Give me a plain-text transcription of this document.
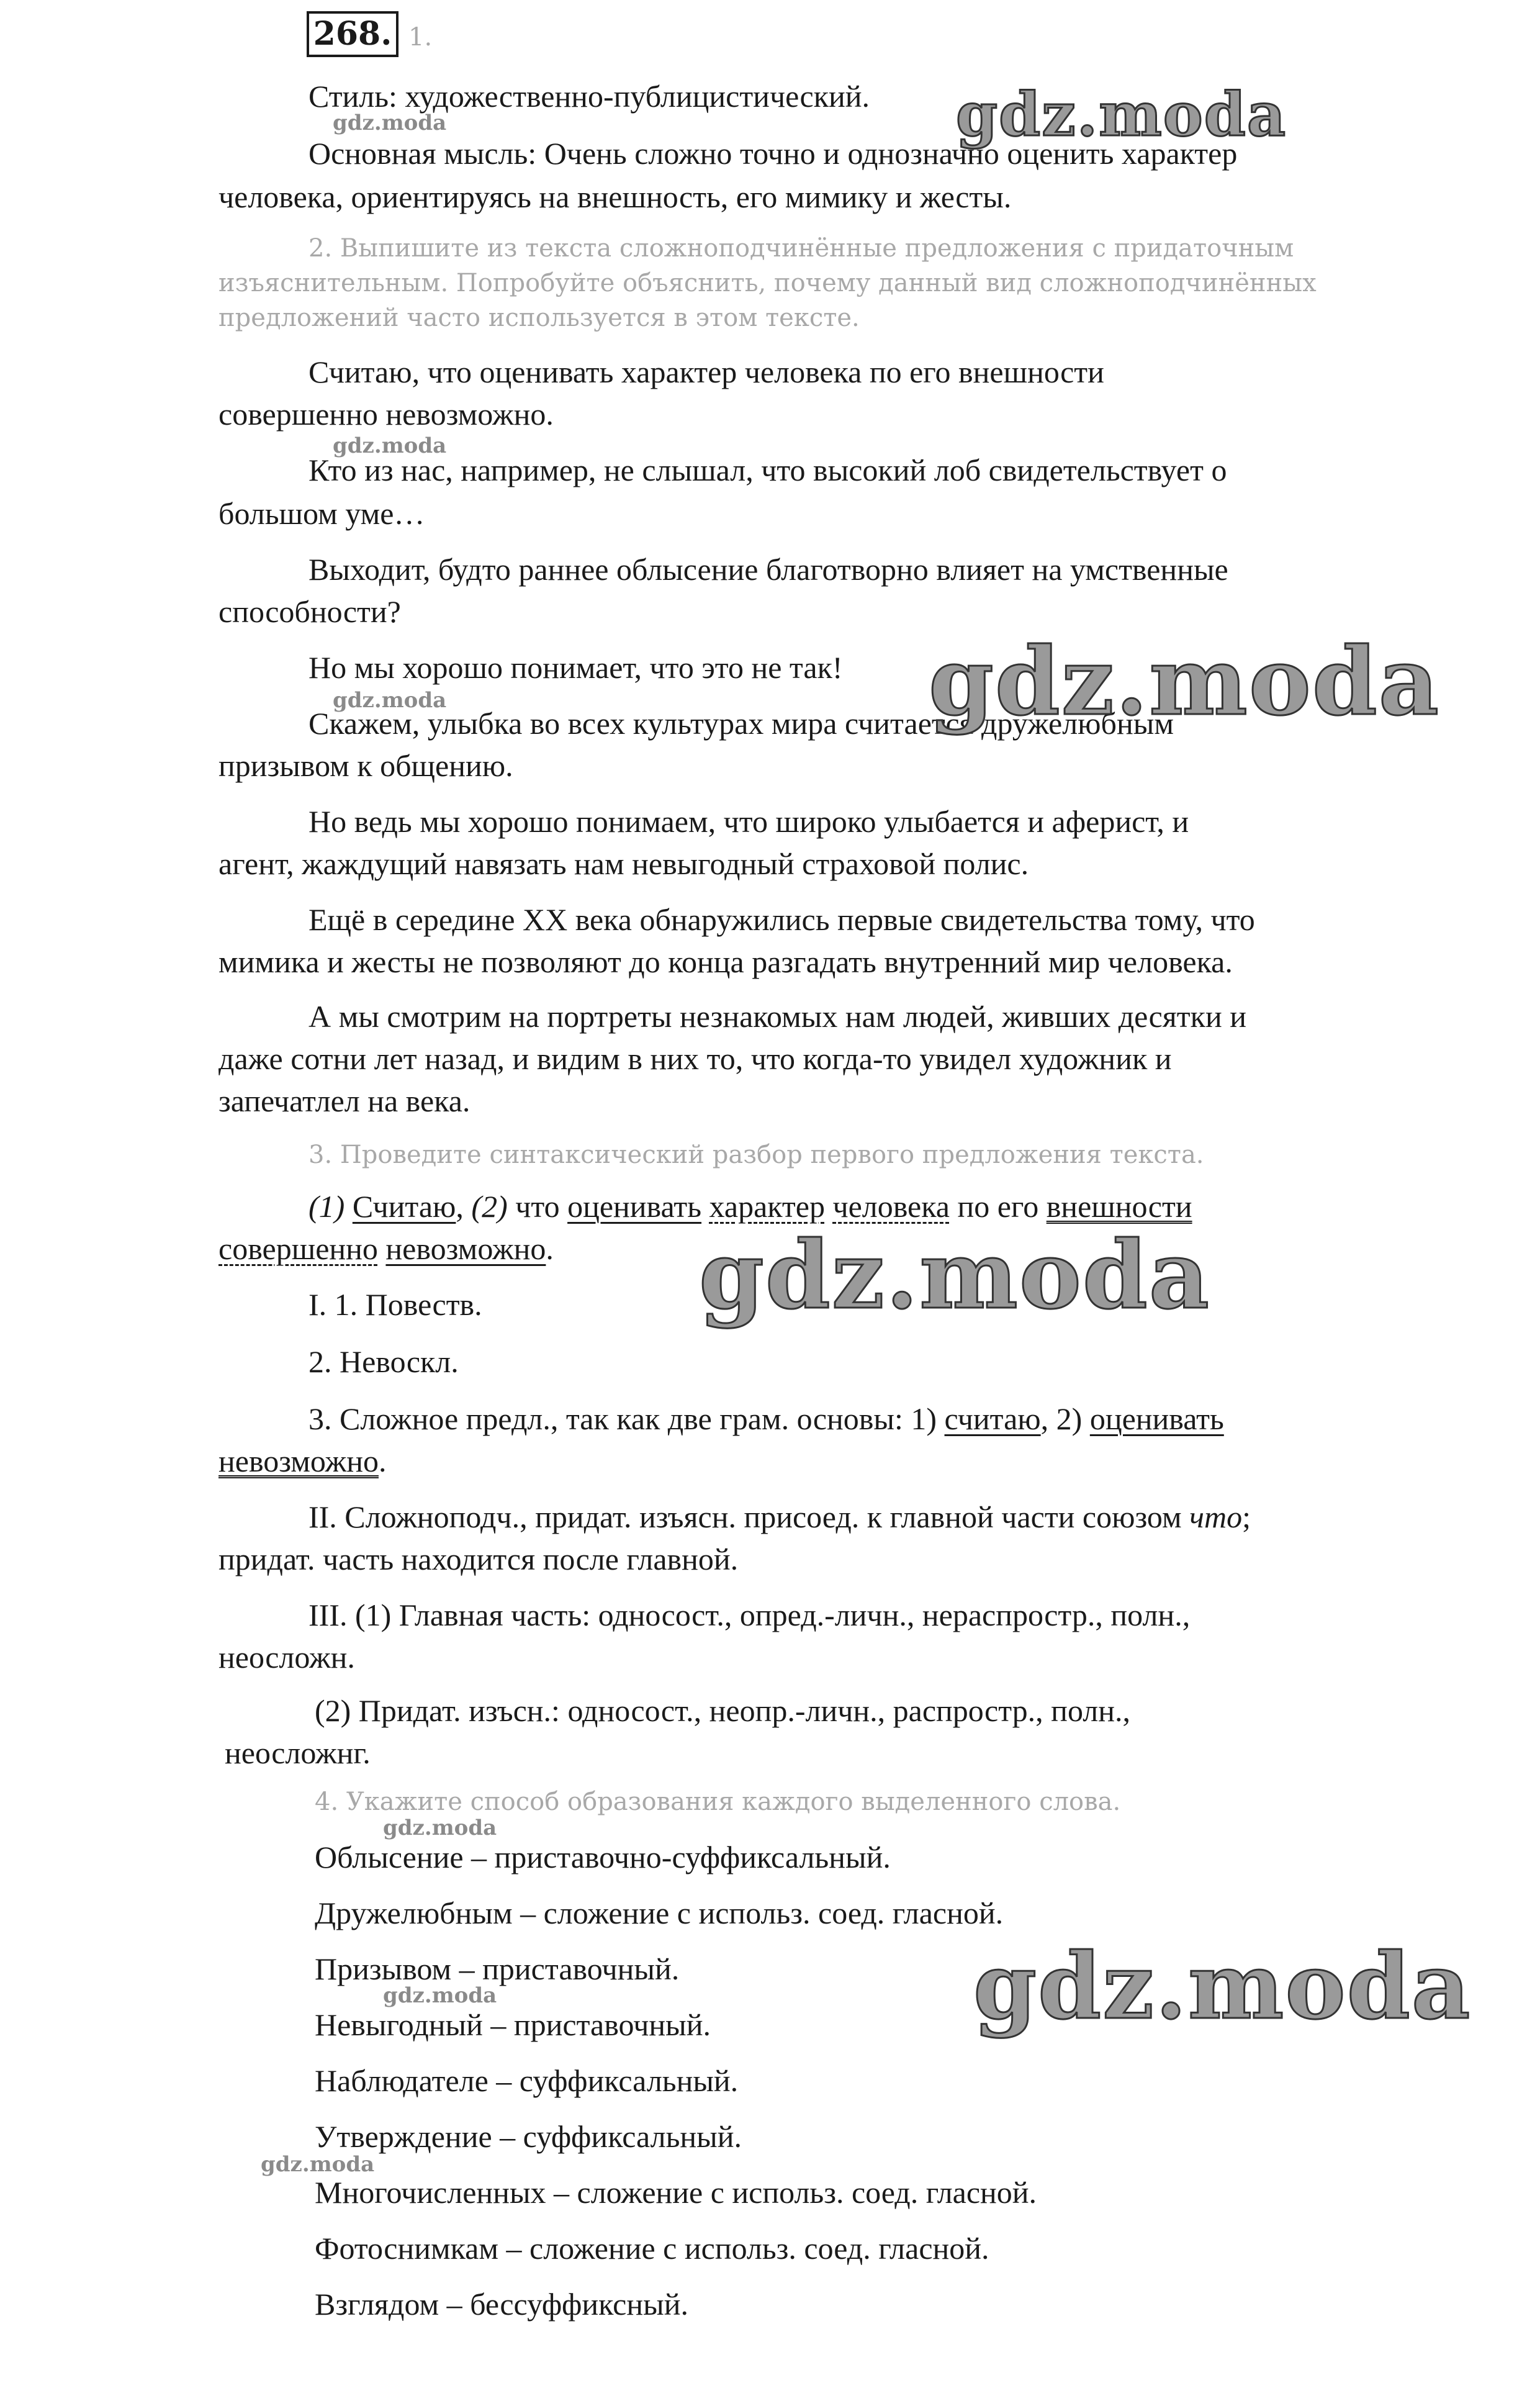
268. 1.
Стиль: художественно-публицистический.
Основная мысль: Очень сложно точно и однозначно оценить характер
человека, ориентируясь на внешность, его мимику и жесты.
2. Выпишите из текста сложноподчинённые предложения с придаточным
изъяснительным. Попробуйте объяснить, почему данный вид сложноподчинённых
предложений часто используется в этом тексте.
Считаю, что оценивать характер человека по его внешности
совершенно невозможно.
Кто из нас, например, не слышал, что высокий лоб свидетельствует о
большом уме…
Выходит, будто раннее облысение благотворно влияет на умственные
способности?
Но мы хорошо понимает, что это не так!
Скажем, улыбка во всех культурах мира считается дружелюбным
призывом к общению.
Но ведь мы хорошо понимаем, что широко улыбается и аферист, и
агент, жаждущий навязать нам невыгодный страховой полис.
Ещё в середине XX века обнаружились первые свидетельства тому, что
мимика и жесты не позволяют до конца разгадать внутренний мир человека.
А мы смотрим на портреты незнакомых нам людей, живших десятки и
даже сотни лет назад, и видим в них то, что когда-то увидел художник и
запечатлел на века.
3. Проведите синтаксический разбор первого предложения текста.
(1) Считаю, (2) что оценивать характер человека по его внешности
совершенно невозможно.
I. 1. Повеств.
2. Невоскл.
3. Сложное предл., так как две грам. основы: 1) считаю, 2) оценивать
невозможно.
II. Сложноподч., придат. изъясн. присоед. к главной части союзом что;
придат. часть находится после главной.
III. (1) Главная часть: односост., опред.-личн., нераспростр., полн.,
неосложн.
(2) Придат. изъсн.: односост., неопр.-личн., распростр., полн.,
неосложнг.
4. Укажите способ образования каждого выделенного слова.
Облысение – приставочно-суффиксальный.
Дружелюбным – сложение с использ. соед. гласной.
Призывом – приставочный.
Невыгодный – приставочный.
Наблюдателе – суффиксальный.
Утверждение – суффиксальный.
Многочисленных – сложение с использ. соед. гласной.
Фотоснимкам – сложение с использ. соед. гласной.
Взглядом – бессуффиксный.
gdz.moda
gdz.moda
gdz.moda
gdz.moda
gdz.moda
gdz.moda
gdz.moda
gdz.moda
gdz.moda
gdz.moda
